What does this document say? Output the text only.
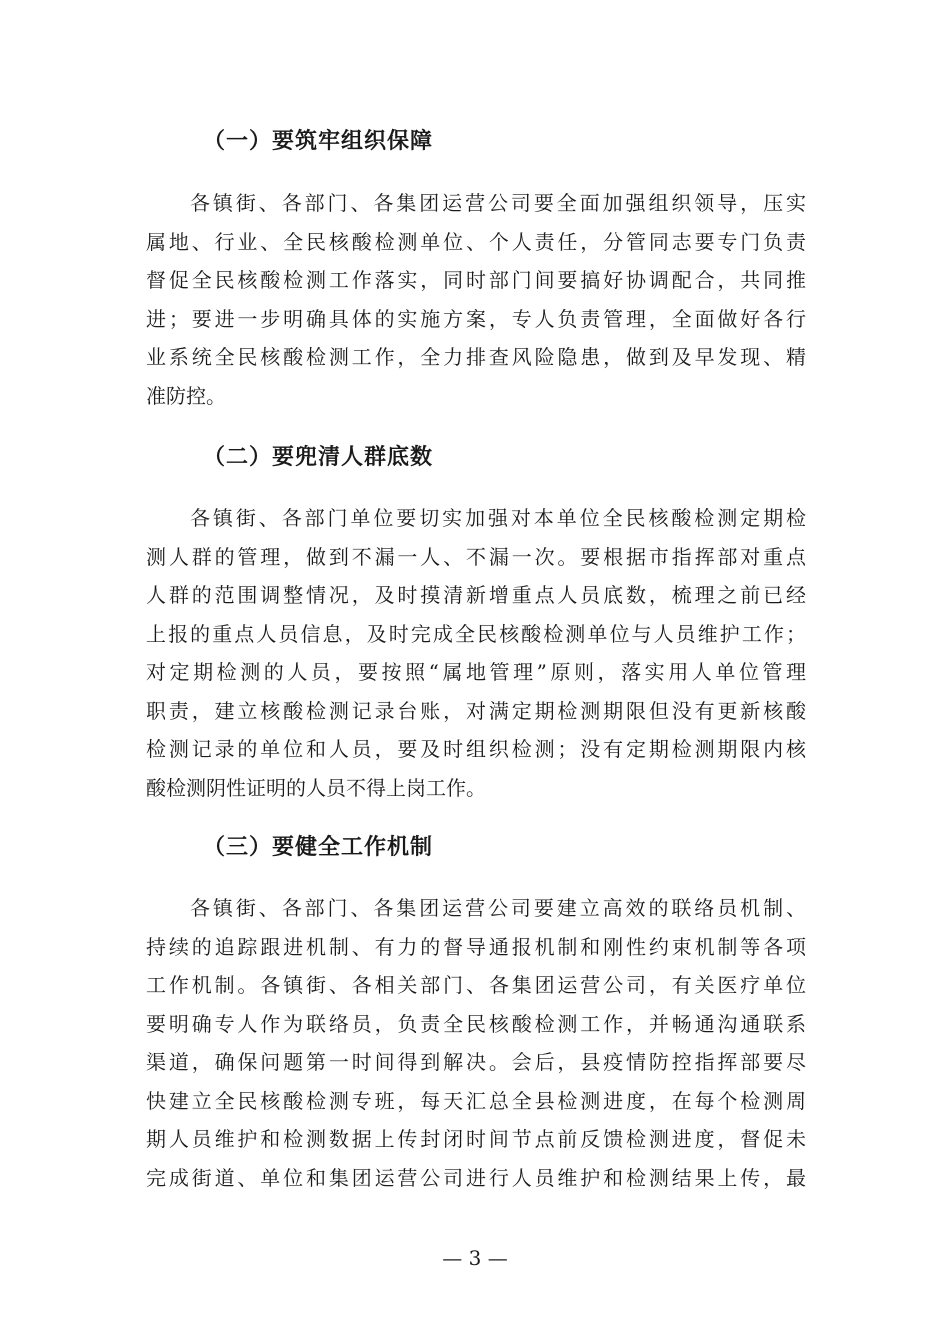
（一）要筑牢组织保障
各镇街、各部门、各集团运营公司要全面加强组织领导，压实
属地、行业、全民核酸检测单位、个人责任，分管同志要专门负责
督促全民核酸检测工作落实，同时部门间要搞好协调配合，共同推
进；要进一步明确具体的实施方案，专人负责管理，全面做好各行
业系统全民核酸检测工作，全力排查风险隐患，做到及早发现、精
准防控。
（二）要兜清人群底数
各镇街、各部门单位要切实加强对本单位全民核酸检测定期检
测人群的管理，做到不漏一人、不漏一次。要根据市指挥部对重点
人群的范围调整情况，及时摸清新增重点人员底数，梳理之前已经
上报的重点人员信息，及时完成全民核酸检测单位与人员维护工作；
对定期检测的人员，要按照“属地管理”原则，落实用人单位管理
职责，建立核酸检测记录台账，对满定期检测期限但没有更新核酸
检测记录的单位和人员，要及时组织检测；没有定期检测期限内核
酸检测阴性证明的人员不得上岗工作。
（三）要健全工作机制
各镇街、各部门、各集团运营公司要建立高效的联络员机制、
持续的追踪跟进机制、有力的督导通报机制和刚性约束机制等各项
工作机制。各镇街、各相关部门、各集团运营公司，有关医疗单位
要明确专人作为联络员，负责全民核酸检测工作，并畅通沟通联系
渠道，确保问题第一时间得到解决。会后，县疫情防控指挥部要尽
快建立全民核酸检测专班，每天汇总全县检测进度，在每个检测周
期人员维护和检测数据上传封闭时间节点前反馈检测进度，督促未
完成街道、单位和集团运营公司进行人员维护和检测结果上传，最
— 3 —
